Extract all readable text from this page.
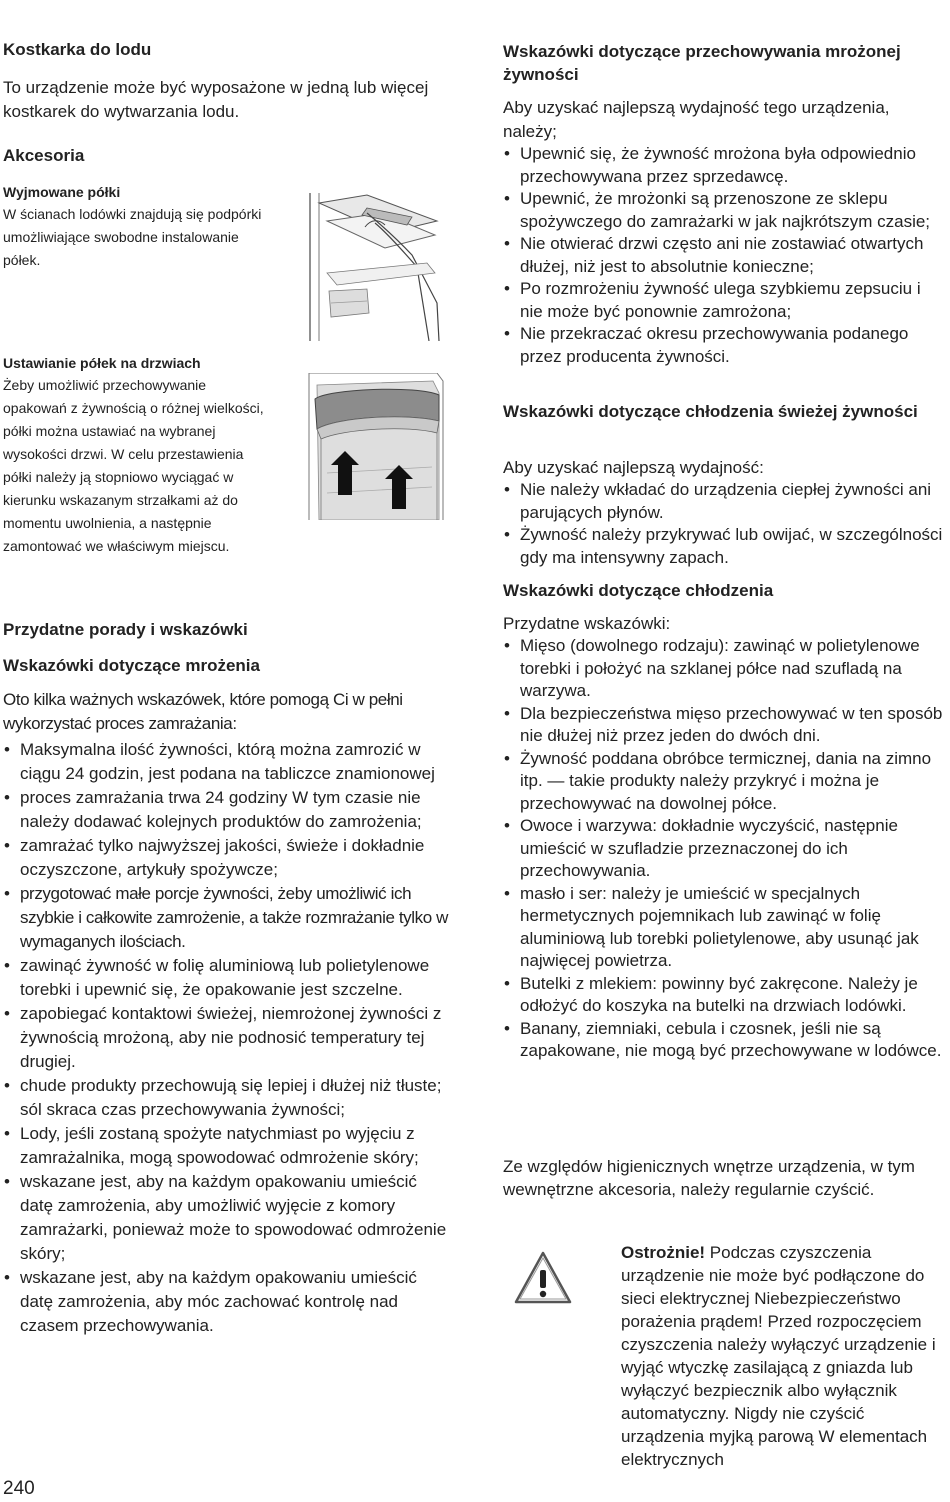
Kostkarka do lodu

To urządzenie może być wyposażone w jedną lub więcej kostkarek do wytwarzania lodu.

Akcesoria

Wyjmowane półki

W ścianach lodówki znajdują się podpórki umożliwiające swobodne instalowanie półek.

Ustawianie półek na drzwiach

Żeby umożliwić przechowywanie opakowań z żywnością o różnej wielkości, półki można ustawiać na wybranej wysokości drzwi. W celu przestawienia półki należy ją stopniowo wyciągać w kierunku wskazanym strzałkami aż do momentu uwolnienia, a następnie zamontować we właściwym miejscu.

Przydatne porady i wskazówki
Wskazówki dotyczące mrożenia

Oto kilka ważnych wskazówek, które pomogą Ci w pełni wykorzystać proces zamrażania:

• Maksymalna ilość żywności, którą można zamrozić w ciągu 24 godzin, jest podana na tabliczce znamionowej
• proces zamrażania trwa 24 godziny W tym czasie nie należy dodawać kolejnych produktów do zamrożenia;
• zamrażać tylko najwyższej jakości, świeże i dokładnie oczyszczone, artykuły spożywcze;
• przygotować małe porcje żywności, żeby umożliwić ich szybkie i całkowite zamrożenie, a także rozmrażanie tylko w wymaganych ilościach.
• zawinąć żywność w folię aluminiową lub polietylenowe torebki i upewnić się, że opakowanie jest szczelne.
• zapobiegać kontaktowi świeżej, niemrożonej żywności z żywnością mrożoną, aby nie podnosić temperatury tej drugiej.
• chude produkty przechowują się lepiej i dłużej niż tłuste; sól skraca czas przechowywania żywności;
• Lody, jeśli zostaną spożyte natychmiast po wyjęciu z zamrażalnika, mogą spowodować odmrożenie skóry;
• wskazane jest, aby na każdym opakowaniu umieścić datę zamrożenia, aby umożliwić wyjęcie z komory zamrażarki, ponieważ może to spowodować odmrożenie skóry;
• wskazane jest, aby na każdym opakowaniu umieścić datę zamrożenia, aby móc zachować kontrolę nad czasem przechowywania.
Wskazówki dotyczące przechowywania mrożonej żywności

Aby uzyskać najlepszą wydajność tego urządzenia, należy;

• Upewnić się, że żywność mrożona była odpowiednio przechowywana przez sprzedawcę.
• Upewnić, że mrożonki są przenoszone ze sklepu spożywczego do zamrażarki w jak najkrótszym czasie;
• Nie otwierać drzwi często ani nie zostawiać otwartych dłużej, niż jest to absolutnie konieczne;
• Po rozmrożeniu żywność ulega szybkiemu zepsuciu i nie może być ponownie zamrożona;
• Nie przekraczać okresu przechowywania podanego przez producenta żywności.
Wskazówki dotyczące chłodzenia świeżej żywności

Aby uzyskać najlepszą wydajność:

• Nie należy wkładać do urządzenia ciepłej żywności ani parujących płynów.
• Żywność należy przykrywać lub owijać, w szczególności gdy ma intensywny zapach.
Wskazówki dotyczące chłodzenia

Przydatne wskazówki:

• Mięso (dowolnego rodzaju): zawinąć w polietylenowe torebki i położyć na szklanej półce nad szufladą na warzywa.
• Dla bezpieczeństwa mięso przechowywać w ten sposób nie dłużej niż przez jeden do dwóch dni.
• Żywność poddana obróbce termicznej, dania na zimno itp. — takie produkty należy przykryć i można je przechowywać na dowolnej półce.
• Owoce i warzywa: dokładnie wyczyścić, następnie umieścić w szufladzie przeznaczonej do ich przechowywania.
• masło i ser: należy je umieścić w specjalnych hermetycznych pojemnikach lub zawinąć w folię aluminiową lub torebki polietylenowe, aby usunąć jak najwięcej powietrza.
• Butelki z mlekiem: powinny być zakręcone. Należy je odłożyć do koszyka na butelki na drzwiach lodówki.
• Banany, ziemniaki, cebula i czosnek, jeśli nie są zapakowane, nie mogą być przechowywane w lodówce.

Ze względów higienicznych wnętrze urządzenia, w tym wewnętrzne akcesoria, należy regularnie czyścić.

Ostrożnie! Podczas czyszczenia urządzenie nie może być podłączone do sieci elektrycznej Niebezpieczeństwo porażenia prądem! Przed rozpoczęciem czyszczenia należy wyłączyć urządzenie i wyjąć wtyczkę zasilającą z gniazda lub wyłączyć bezpiecznik albo wyłącznik automatyczny. Nigdy nie czyścić urządzenia myjką parową W elementach elektrycznych
240
